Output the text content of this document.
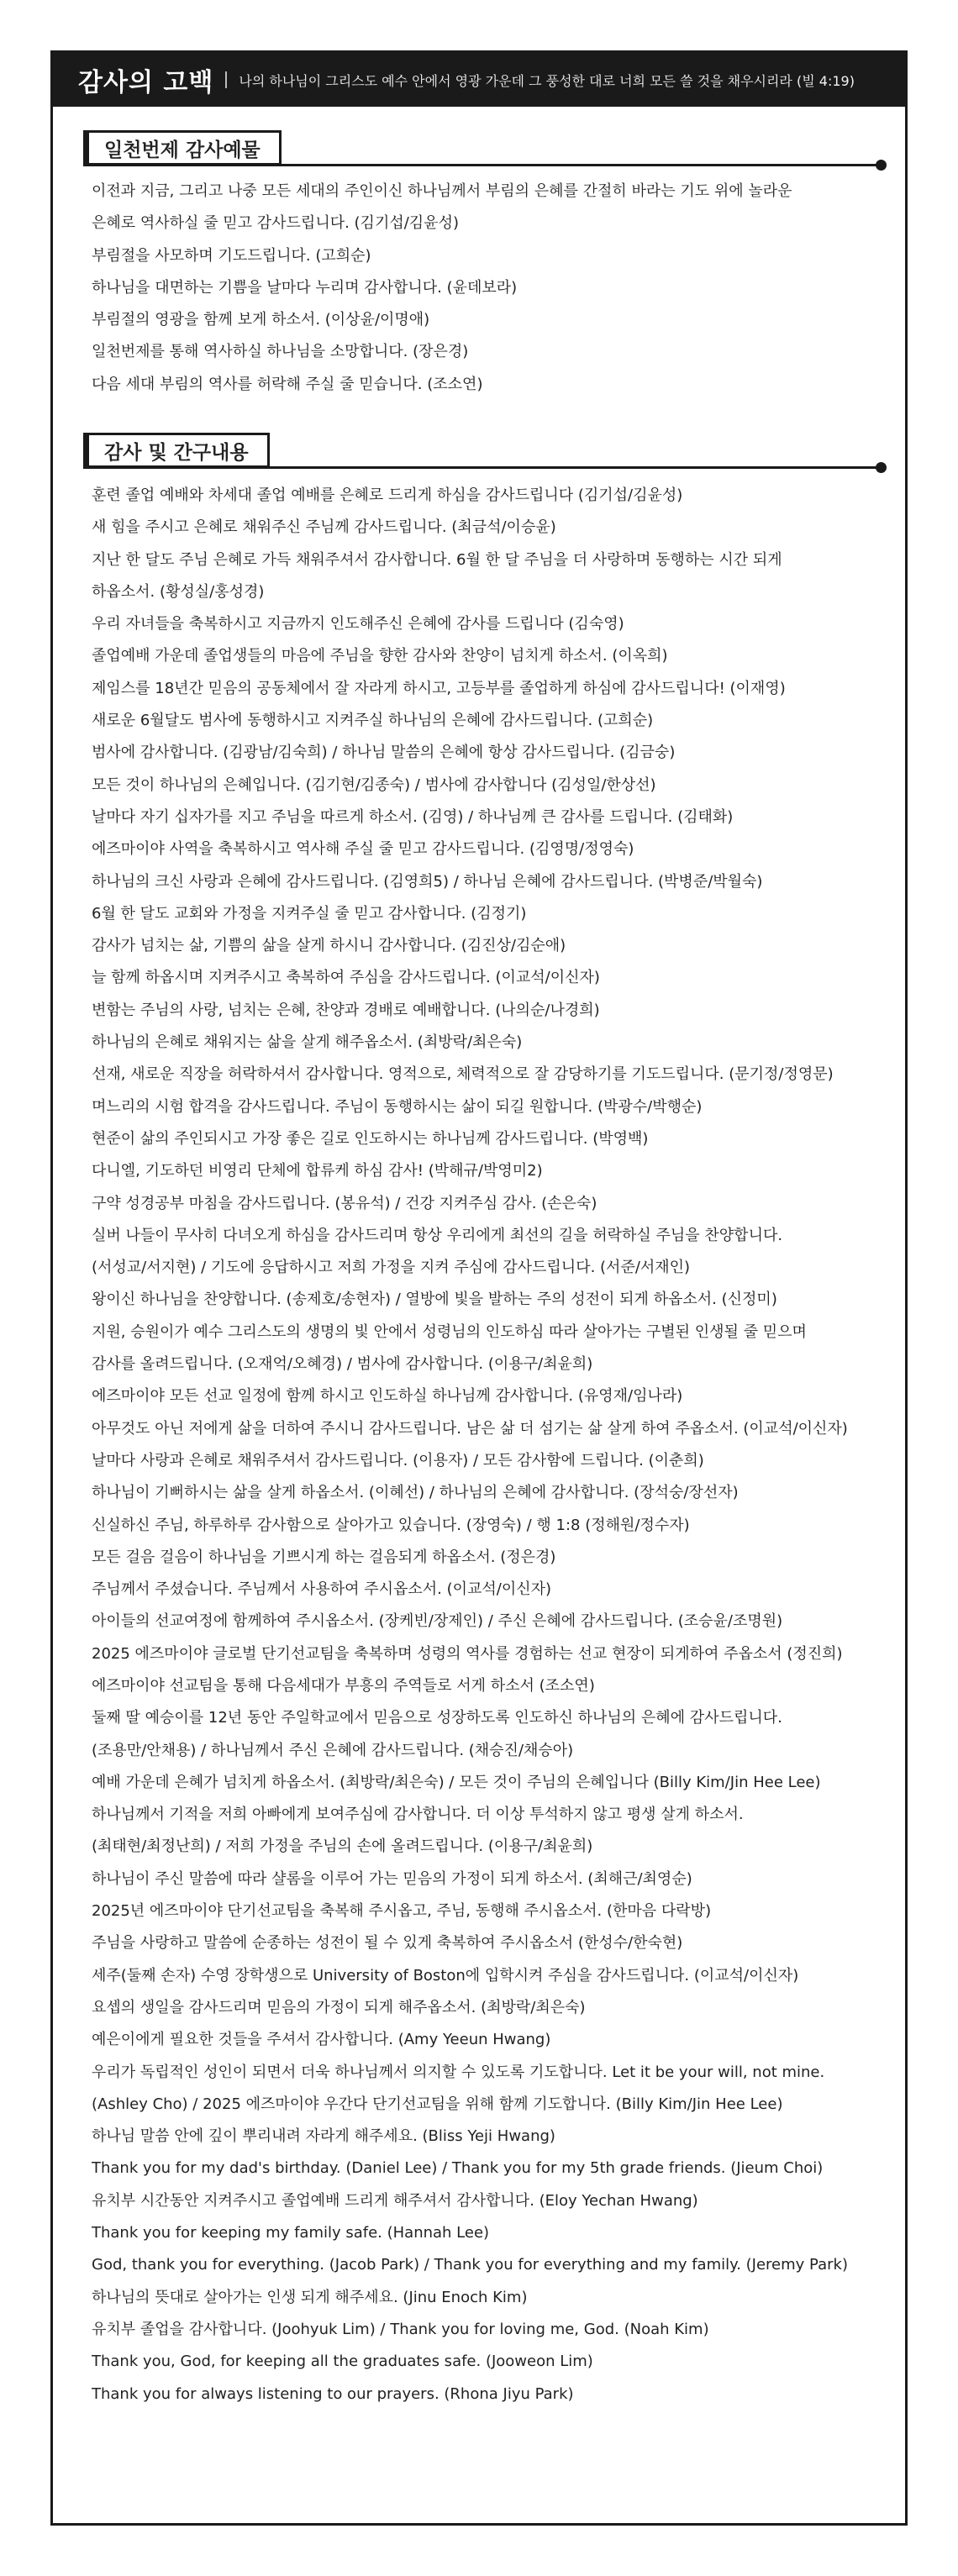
감사의 고백 나의 하나님이 그리스도 예수 안에서 영광 가운데 그 풍성한 대로 너희 모든 쓸 것을 채우시리라 (빌 4:19)
일천번제 감사예물
이전과 지금, 그리고 나중 모든 세대의 주인이신 하나님께서 부림의 은혜를 간절히 바라는 기도 위에 놀라운
은혜로 역사하실 줄 믿고 감사드립니다. (김기섭/김윤성)
부림절을 사모하며 기도드립니다. (고희순)
하나님을 대면하는 기쁨을 날마다 누리며 감사합니다. (윤데보라)
부림절의 영광을 함께 보게 하소서. (이상윤/이명애)
일천번제를 통해 역사하실 하나님을 소망합니다. (장은경)
다음 세대 부림의 역사를 허락해 주실 줄 믿습니다. (조소연)
감사 및 간구내용
훈련 졸업 예배와 차세대 졸업 예배를 은혜로 드리게 하심을 감사드립니다 (김기섭/김윤성)
새 힘을 주시고 은혜로 채워주신 주님께 감사드립니다. (최금석/이승윤)
지난 한 달도 주님 은혜로 가득 채워주셔서 감사합니다. 6월 한 달 주님을 더 사랑하며 동행하는 시간 되게
하옵소서. (황성실/홍성경)
우리 자녀들을 축복하시고 지금까지 인도해주신 은혜에 감사를 드립니다 (김숙영)
졸업예배 가운데 졸업생들의 마음에 주님을 향한 감사와 찬양이 넘치게 하소서. (이옥희)
제임스를 18년간 믿음의 공동체에서 잘 자라게 하시고, 고등부를 졸업하게 하심에 감사드립니다! (이재영)
새로운 6월달도 범사에 동행하시고 지켜주실 하나님의 은혜에 감사드립니다. (고희순)
범사에 감사합니다. (김광남/김숙희) / 하나님 말씀의 은혜에 항상 감사드립니다. (김금숭)
모든 것이 하나님의 은혜입니다. (김기현/김종숙) / 범사에 감사합니다 (김성일/한상선)
날마다 자기 십자가를 지고 주님을 따르게 하소서. (김영) / 하나님께 큰 감사를 드립니다. (김태화)
에즈마이야 사역을 축복하시고 역사해 주실 줄 믿고 감사드립니다. (김영명/정영숙)
하나님의 크신 사랑과 은혜에 감사드립니다. (김영희5) / 하나님 은혜에 감사드립니다. (박병준/박월숙)
6월 한 달도 교회와 가정을 지켜주실 줄 믿고 감사합니다. (김정기)
감사가 넘치는 삶, 기쁨의 삶을 살게 하시니 감사합니다. (김진상/김순애)
늘 함께 하옵시며 지켜주시고 축복하여 주심을 감사드립니다. (이교석/이신자)
변함는 주님의 사랑, 넘치는 은혜, 찬양과 경배로 예배합니다. (나의순/나경희)
하나님의 은혜로 채워지는 삶을 살게 해주옵소서. (최방락/최은숙)
선재, 새로운 직장을 허락하셔서 감사합니다. 영적으로, 체력적으로 잘 감당하기를 기도드립니다. (문기정/정영문)
며느리의 시험 합격을 감사드립니다. 주님이 동행하시는 삶이 되길 원합니다. (박광수/박행순)
현준이 삶의 주인되시고 가장 좋은 길로 인도하시는 하나님께 감사드립니다. (박영백)
다니엘, 기도하던 비영리 단체에 합류케 하심 감사! (박해규/박영미2)
구약 성경공부 마침을 감사드립니다. (봉유석) / 건강 지켜주심 감사. (손은숙)
실버 나들이 무사히 다녀오게 하심을 감사드리며 항상 우리에게 최선의 길을 허락하실 주님을 찬양합니다.
(서성교/서지현) / 기도에 응답하시고 저희 가정을 지켜 주심에 감사드립니다. (서준/서재인)
왕이신 하나님을 찬양합니다. (송제호/송현자) / 열방에 빛을 발하는 주의 성전이 되게 하옵소서. (신정미)
지원, 승원이가 예수 그리스도의 생명의 빛 안에서 성령님의 인도하심 따라 살아가는 구별된 인생될 줄 믿으며
감사를 올려드립니다. (오재억/오혜경) / 범사에 감사합니다. (이용구/최윤희)
에즈마이야 모든 선교 일정에 함께 하시고 인도하실 하나님께 감사합니다. (유영재/임나라)
아무것도 아닌 저에게 삶을 더하여 주시니 감사드립니다. 남은 삶 더 섬기는 삶 살게 하여 주옵소서. (이교석/이신자)
날마다 사랑과 은혜로 채워주셔서 감사드립니다. (이용자) / 모든 감사함에 드립니다. (이춘희)
하나님이 기뻐하시는 삶을 살게 하옵소서. (이혜선) / 하나님의 은혜에 감사합니다. (장석숭/장선자)
신실하신 주님, 하루하루 감사함으로 살아가고 있습니다. (장영숙) / 행 1:8 (정해원/정수자)
모든 걸음 걸음이 하나님을 기쁘시게 하는 걸음되게 하옵소서. (정은경)
주님께서 주셨습니다. 주님께서 사용하여 주시옵소서. (이교석/이신자)
아이들의 선교여정에 함께하여 주시옵소서. (장케빈/장제인) / 주신 은혜에 감사드립니다. (조승윤/조명원)
2025 에즈마이야 글로벌 단기선교팀을 축복하며 성령의 역사를 경험하는 선교 현장이 되게하여 주옵소서 (정진희)
에즈마이야 선교팀을 통해 다음세대가 부흥의 주역들로 서게 하소서 (조소연)
둘째 딸 예승이를 12년 동안 주일학교에서 믿음으로 성장하도록 인도하신 하나님의 은혜에 감사드립니다.
(조용만/안채용) / 하나님께서 주신 은혜에 감사드립니다. (채승진/채승아)
예배 가운데 은혜가 넘치게 하옵소서. (최방락/최은숙) / 모든 것이 주님의 은혜입니다 (Billy Kim/Jin Hee Lee)
하나님께서 기적을 저희 아빠에게 보여주심에 감사합니다. 더 이상 투석하지 않고 평생 살게 하소서.
(최태현/최정난희) / 저희 가정을 주님의 손에 올려드립니다. (이용구/최윤희)
하나님이 주신 말씀에 따라 샬롬을 이루어 가는 믿음의 가정이 되게 하소서. (최해근/최영순)
2025년 에즈마이야 단기선교팀을 축복해 주시옵고, 주님, 동행해 주시옵소서. (한마음 다락방)
주님을 사랑하고 말씀에 순종하는 성전이 될 수 있게 축복하여 주시옵소서 (한성수/한숙현)
세주(둘째 손자) 수영 장학생으로 University of Boston에 입학시켜 주심을 감사드립니다. (이교석/이신자)
요셉의 생일을 감사드리며 믿음의 가정이 되게 해주옵소서. (최방락/최은숙)
예은이에게 필요한 것들을 주셔서 감사합니다. (Amy Yeeun Hwang)
우리가 독립적인 성인이 되면서 더욱 하나님께서 의지할 수 있도록 기도합니다. Let it be your will, not mine.
(Ashley Cho) / 2025 에즈마이야 우간다 단기선교팀을 위해 함께 기도합니다. (Billy Kim/Jin Hee Lee)
하나님 말씀 안에 깊이 뿌리내려 자라게 해주세요. (Bliss Yeji Hwang)
Thank you for my dad's birthday. (Daniel Lee) / Thank you for my 5th grade friends. (Jieum Choi)
유치부 시간동안 지켜주시고 졸업예배 드리게 해주셔서 감사합니다. (Eloy Yechan Hwang)
Thank you for keeping my family safe. (Hannah Lee)
God, thank you for everything. (Jacob Park) / Thank you for everything and my family. (Jeremy Park)
하나님의 뜻대로 살아가는 인생 되게 해주세요. (Jinu Enoch Kim)
유치부 졸업을 감사합니다. (Joohyuk Lim) / Thank you for loving me, God. (Noah Kim)
Thank you, God, for keeping all the graduates safe. (Jooweon Lim)
Thank you for always listening to our prayers. (Rhona Jiyu Park)
